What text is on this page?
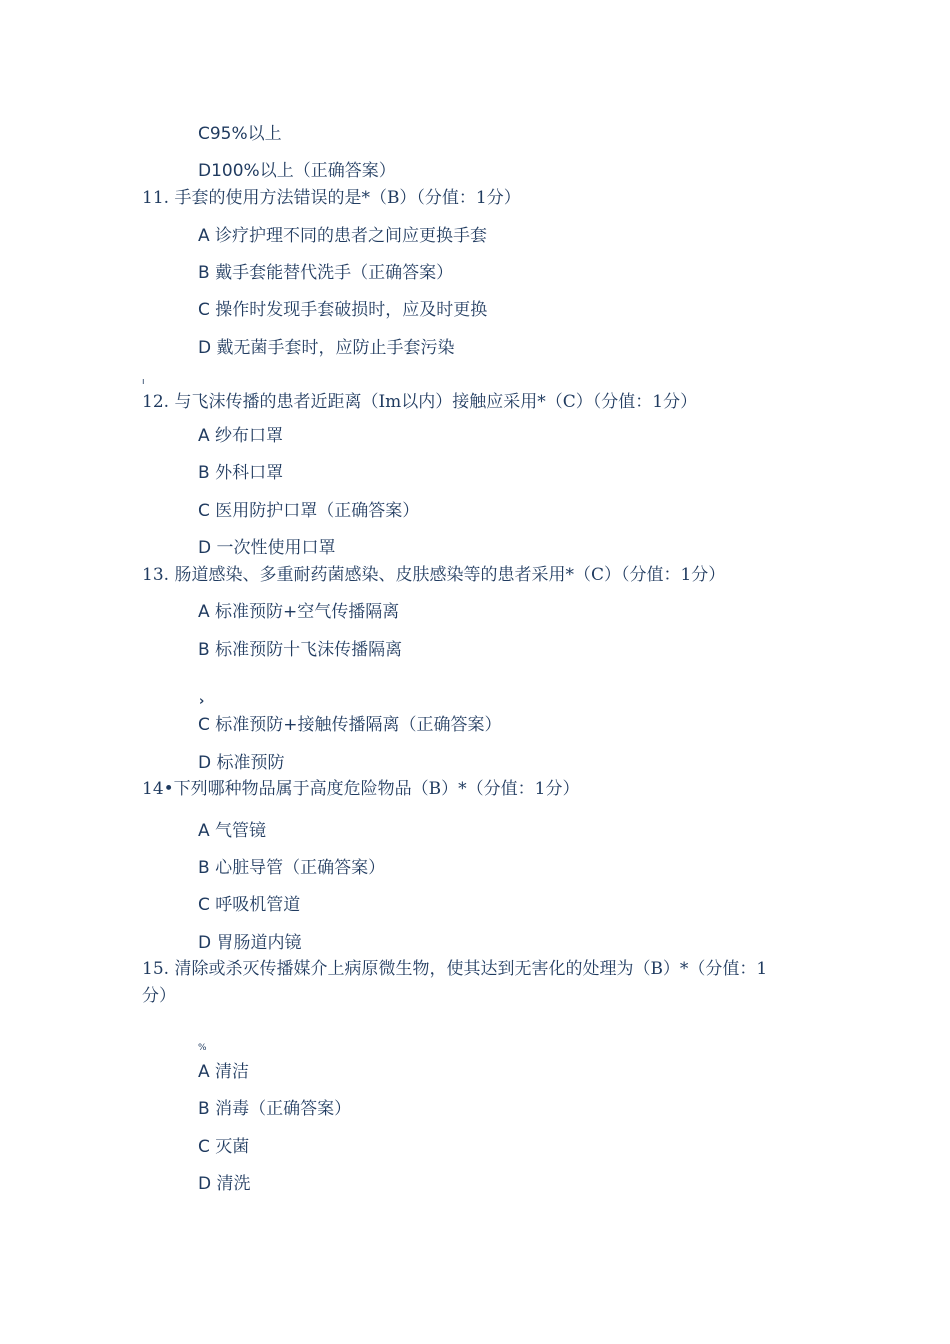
C95%以上
D100%以上（正确答案）
11. 手套的使用方法错误的是*（B）（分值：1分）
A 诊疗护理不同的患者之间应更换手套
B 戴手套能替代洗手（正确答案）
C 操作时发现手套破损时，应及时更换
D 戴无菌手套时，应防止手套污染
ı
12. 与飞沫传播的患者近距离（Im以内）接触应采用*（C）（分值：1分）
A 纱布口罩
B 外科口罩
C 医用防护口罩（正确答案）
D 一次性使用口罩
13. 肠道感染、多重耐药菌感染、皮肤感染等的患者采用*（C）（分值：1分）
A 标准预防+空气传播隔离
B 标准预防十飞沫传播隔离
›
C 标准预防+接触传播隔离（正确答案）
D 标准预防
14•下列哪种物品属于高度危险物品（B）*（分值：1分）
A 气管镜
B 心脏导管（正确答案）
C 呼吸机管道
D 胃肠道内镜
15. 清除或杀灭传播媒介上病原微生物，使其达到无害化的处理为（B）*（分值：1
分）
%
A 清洁
B 消毒（正确答案）
C 灭菌
D 清洗
